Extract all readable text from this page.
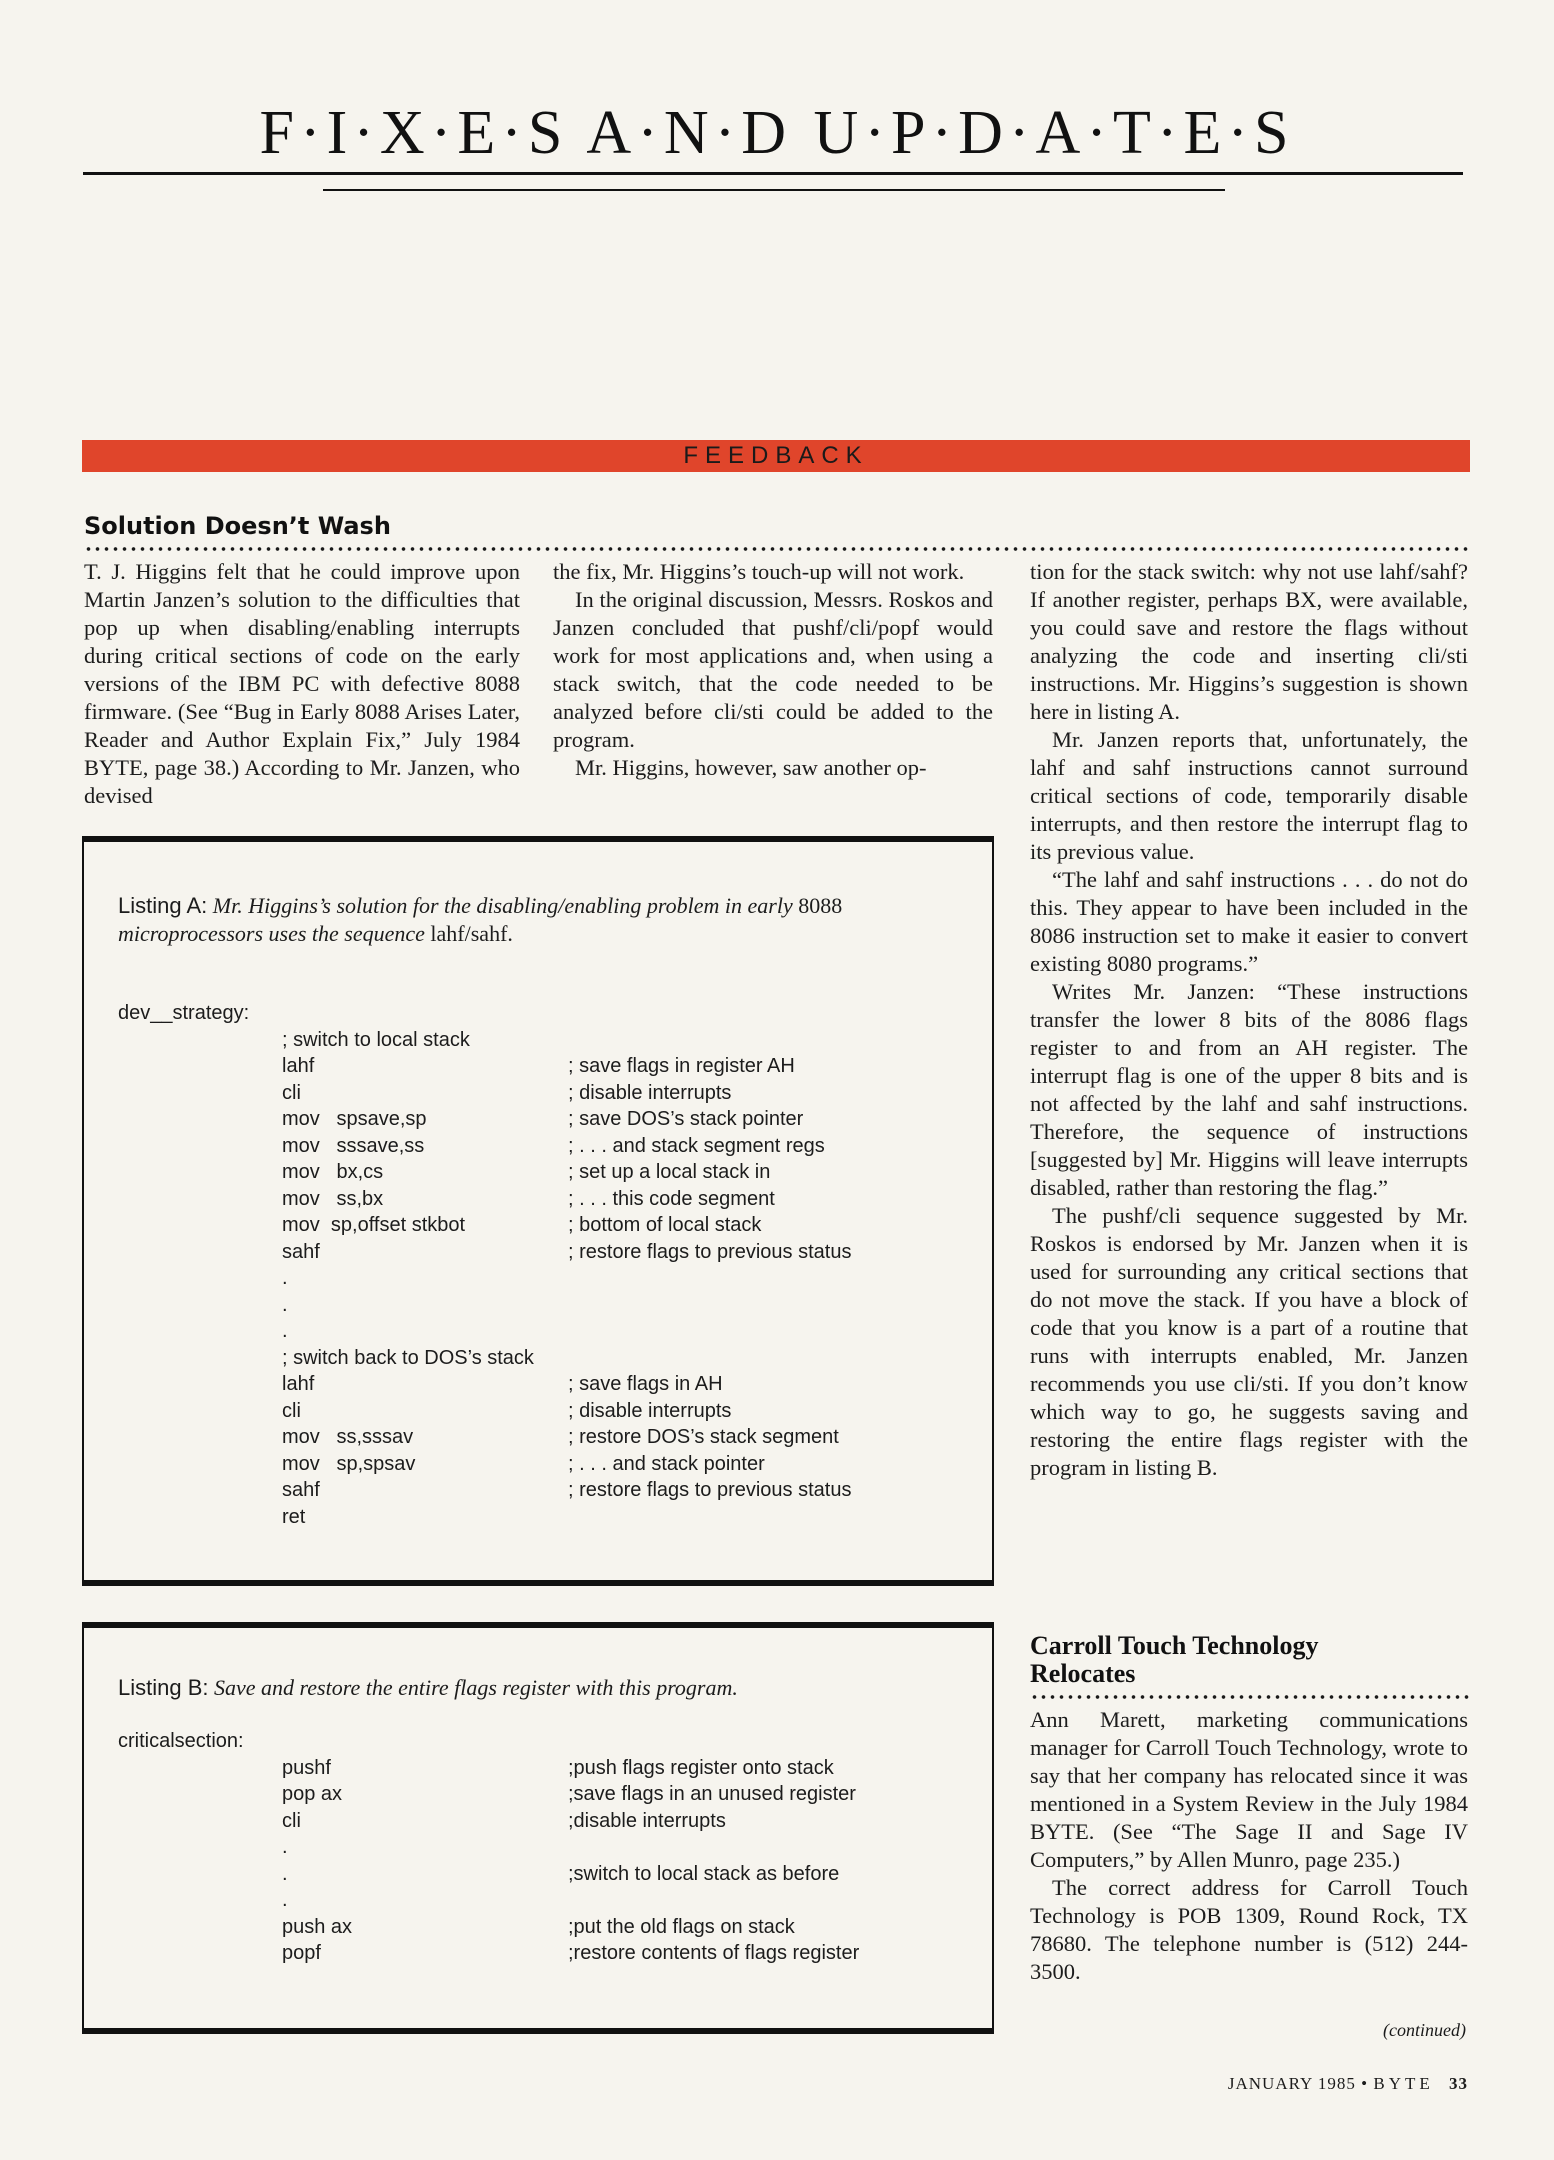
F·I·X·E·S A·N·D U·P·D·A·T·E·S
FEEDBACK
Solution Doesn’t Wash

T. J. Higgins felt that he could improve upon Martin Janzen’s solution to the difficulties that pop up when disabling/enabling interrupts during critical sections of code on the early versions of the IBM PC with defective 8088 firmware. (See “Bug in Early 8088 Arises Later, Reader and Author Explain Fix,” July 1984 BYTE, page 38.) According to Mr. Janzen, who devised

the fix, Mr. Higgins’s touch-up will not work.

In the original discussion, Messrs. Roskos and Janzen concluded that pushf/cli/popf would work for most applications and, when using a stack switch, that the code needed to be analyzed before cli/sti could be added to the program.

Mr. Higgins, however, saw another op-

tion for the stack switch: why not use lahf/sahf? If another register, perhaps BX, were available, you could save and restore the flags without analyzing the code and inserting cli/sti instructions. Mr. Higgins’s suggestion is shown here in listing A.

Mr. Janzen reports that, unfortunately, the lahf and sahf instructions cannot surround critical sections of code, temporarily disable interrupts, and then restore the interrupt flag to its previous value.

“The lahf and sahf instructions . . . do not do this. They appear to have been included in the 8086 instruction set to make it easier to convert existing 8080 programs.”

Writes Mr. Janzen: “These instructions transfer the lower 8 bits of the 8086 flags register to and from an AH register. The interrupt flag is one of the upper 8 bits and is not affected by the lahf and sahf instructions. Therefore, the sequence of instructions [suggested by] Mr. Higgins will leave interrupts disabled, rather than restoring the flag.”

The pushf/cli sequence suggested by Mr. Roskos is endorsed by Mr. Janzen when it is used for surrounding any critical sections that do not move the stack. If you have a block of code that you know is a part of a routine that runs with interrupts enabled, Mr. Janzen recommends you use cli/sti. If you don’t know which way to go, he suggests saving and restoring the entire flags register with the program in listing B.

Listing A: Mr. Higgins’s solution for the disabling/enabling problem in early 8088 microprocessors uses the sequence lahf/sahf.
dev__strategy:
; switch to local stack
lahf	; save flags in register AH
cli	; disable interrupts
mov   spsave,sp	; save DOS’s stack pointer
mov   sssave,ss	; . . . and stack segment regs
mov   bx,cs	; set up a local stack in
mov   ss,bx	; . . . this code segment
mov  sp,offset stkbot	; bottom of local stack
sahf	; restore flags to previous status
.
.
.
; switch back to DOS’s stack
lahf	; save flags in AH
cli	; disable interrupts
mov   ss,sssav	; restore DOS’s stack segment
mov   sp,spsav	; . . . and stack pointer
sahf	; restore flags to previous status
ret
Listing B: Save and restore the entire flags register with this program.
criticalsection:
pushf	;push flags register onto stack
pop ax	;save flags in an unused register
cli	;disable interrupts
.
.	;switch to local stack as before
.
push ax	;put the old flags on stack
popf	;restore contents of flags register
Carroll Touch Technology
Relocates

Ann Marett, marketing communications manager for Carroll Touch Technology, wrote to say that her company has relocated since it was mentioned in a System Review in the July 1984 BYTE. (See “The Sage II and Sage IV Computers,” by Allen Munro, page 235.)

The correct address for Carroll Touch Technology is POB 1309, Round Rock, TX 78680. The telephone number is (512) 244-3500.

(continued)
JANUARY 1985 • BYTE 33
